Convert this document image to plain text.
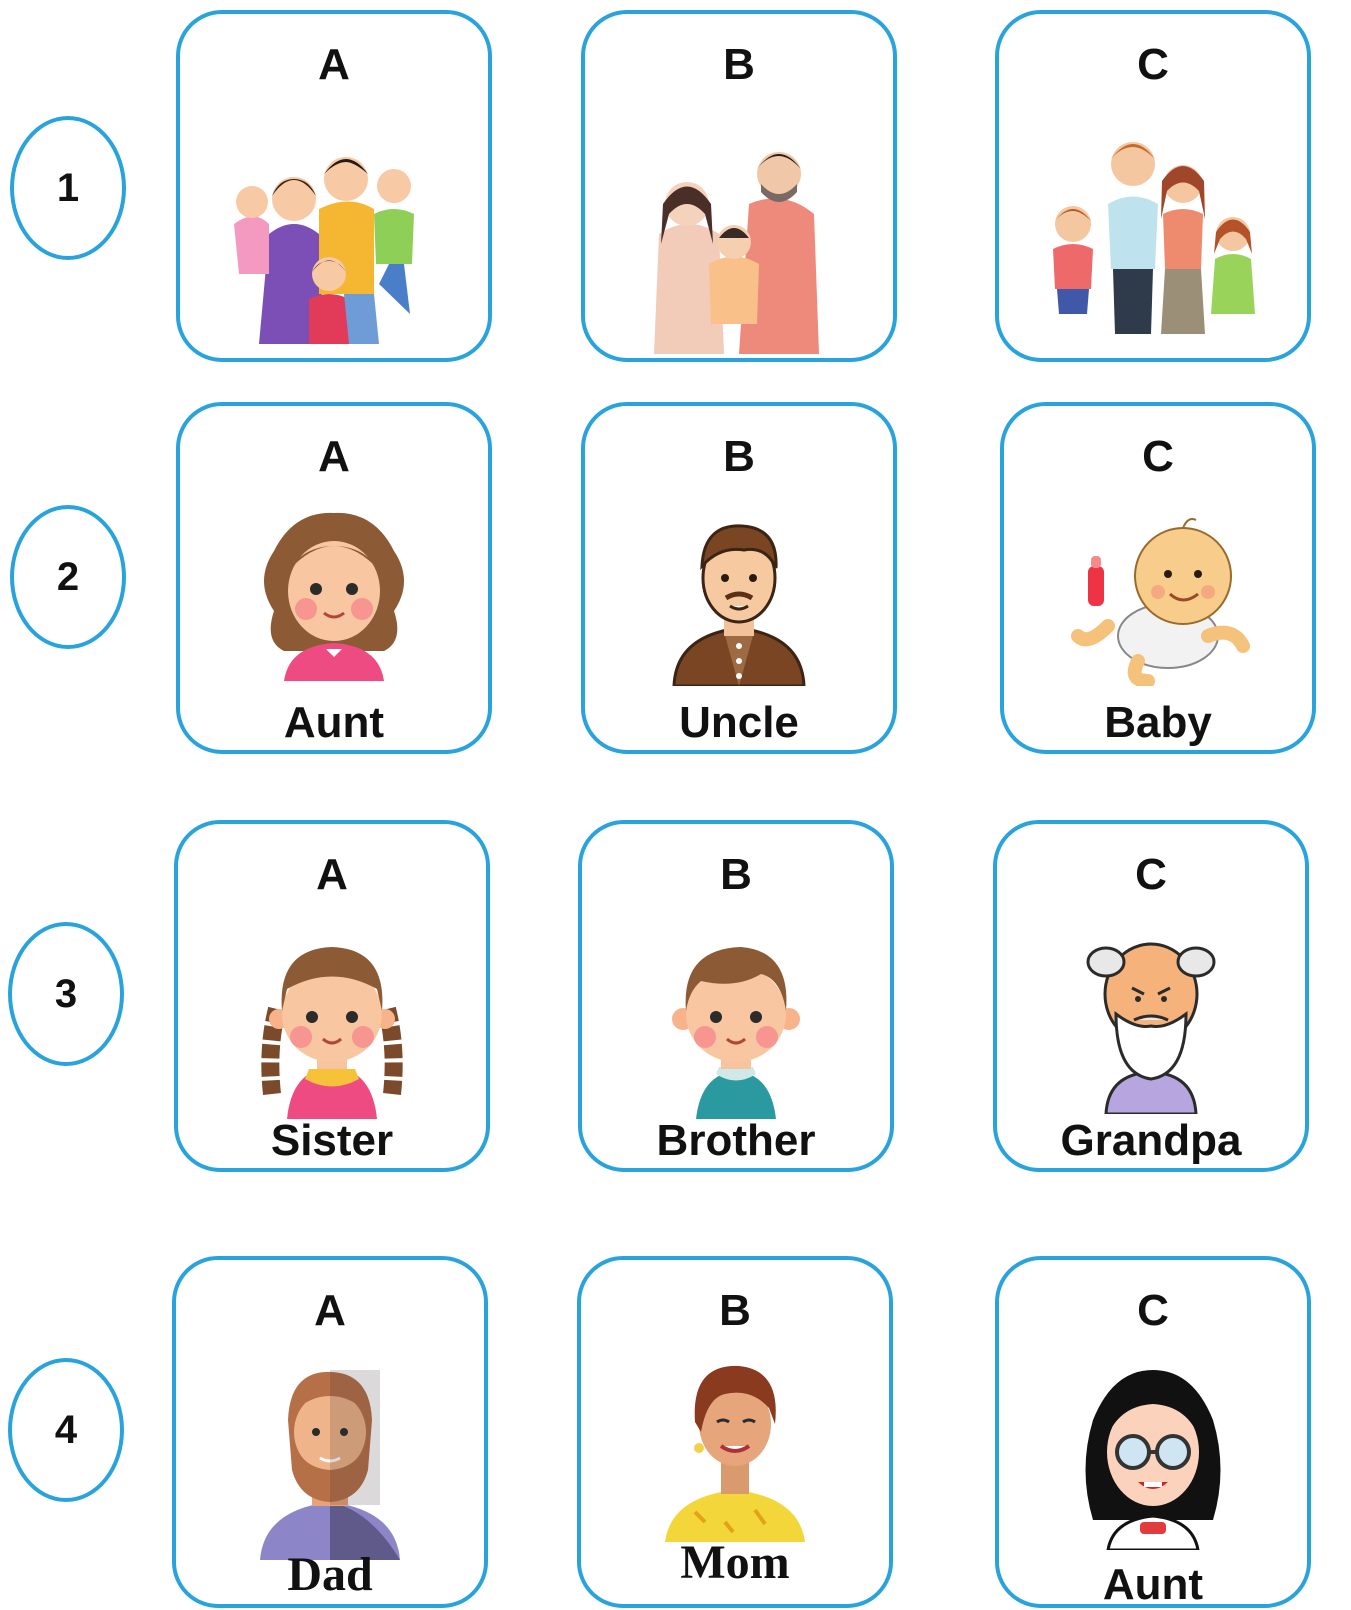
1
A	B	C
2
A
Aunt
B
Uncle
C
Baby
3
A
Sister
B
Brother
C
Grandpa
4
A
Dad
B
Mom
C
Aunt
